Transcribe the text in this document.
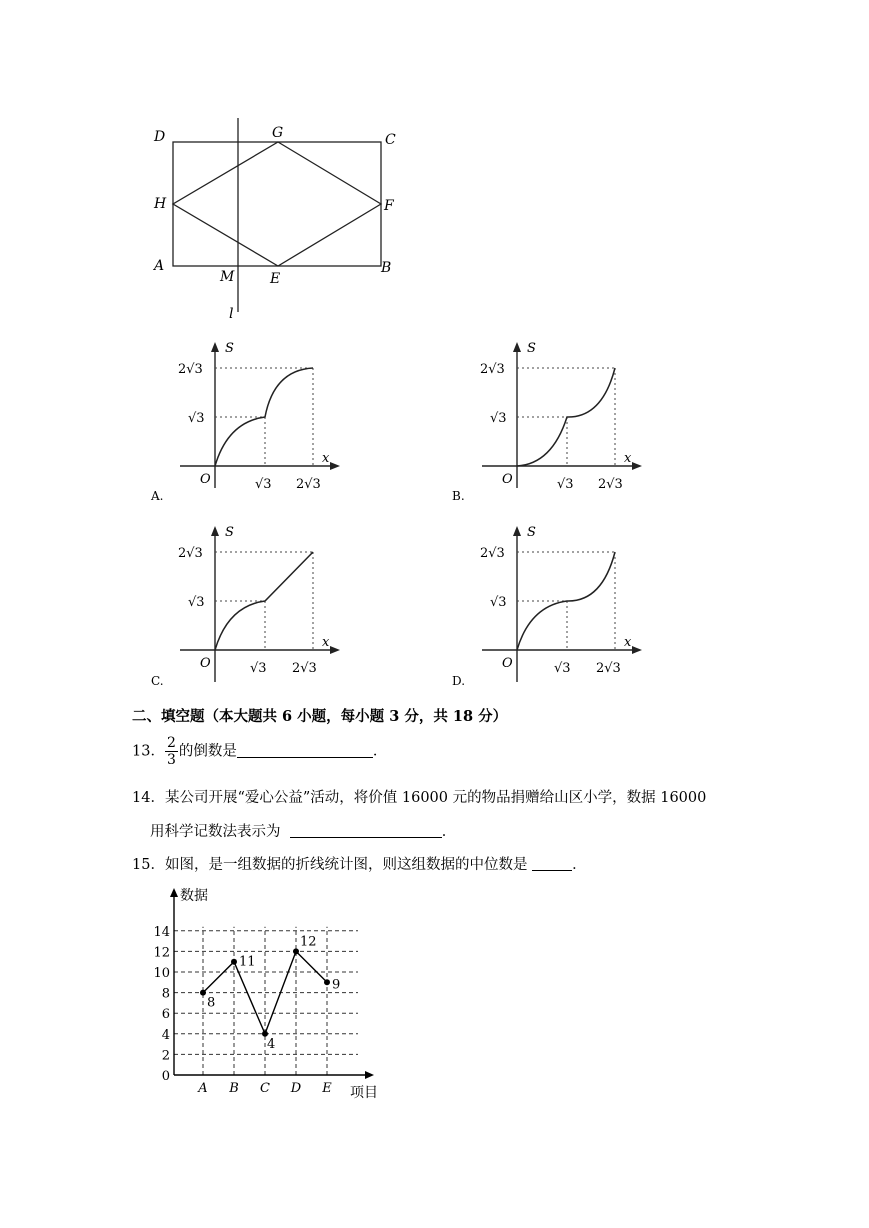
D	G	C
H	F
A
M	E
B
l
S
x
O
2√3
√3
√3 2√3
A.
S
x
O
2√3
√3
√3 2√3
B.
S
x
O
2√3
√3
√3 2√3
C.
S
x
O
2√3
√3
√3 2√3
D.
二、填空题（本大题共 6 小题，每小题 3 分，共 18 分）
13． $\frac{2}{3}$ 的倒数是	．
14．某公司开展“爱心公益”活动，将价值 16000 元的物品捐赠给山区小学，数据 16000
用科学记数法表示为	．
15．如图，是一组数据的折线统计图，则这组数据的中位数是	．
0
2
4
6
8
10
12
14
A B C D E
8
11
4
12
9
数据
项目
